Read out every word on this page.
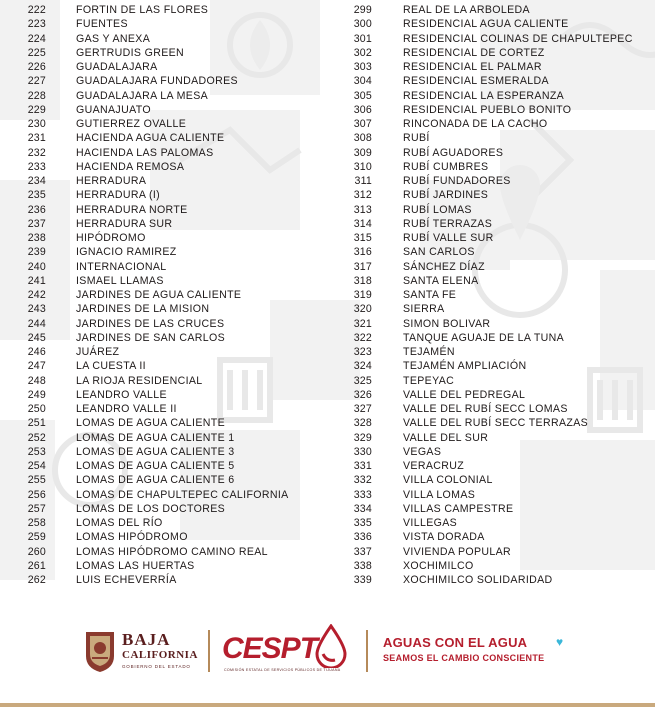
222	FORTIN DE LAS FLORES
223	FUENTES
224	GAS Y ANEXA
225	GERTRUDIS GREEN
226	GUADALAJARA
227	GUADALAJARA FUNDADORES
228	GUADALAJARA LA MESA
229	GUANAJUATO
230	GUTIERREZ OVALLE
231	HACIENDA AGUA CALIENTE
232	HACIENDA LAS PALOMAS
233	HACIENDA REMOSA
234	HERRADURA
235	HERRADURA (I)
236	HERRADURA NORTE
237	HERRADURA SUR
238	HIPÓDROMO
239	IGNACIO RAMIREZ
240	INTERNACIONAL
241	ISMAEL LLAMAS
242	JARDINES DE AGUA CALIENTE
243	JARDINES DE LA MISION
244	JARDINES DE LAS CRUCES
245	JARDINES DE SAN CARLOS
246	JUÁREZ
247	LA CUESTA II
248	LA RIOJA RESIDENCIAL
249	LEANDRO VALLE
250	LEANDRO VALLE II
251	LOMAS DE AGUA CALIENTE
252	LOMAS DE AGUA CALIENTE 1
253	LOMAS DE AGUA CALIENTE 3
254	LOMAS DE AGUA CALIENTE 5
255	LOMAS DE AGUA CALIENTE 6
256	LOMAS DE CHAPULTEPEC CALIFORNIA
257	LOMAS DE LOS DOCTORES
258	LOMAS DEL RÍO
259	LOMAS HIPÓDROMO
260	LOMAS HIPÓDROMO CAMINO REAL
261	LOMAS LAS HUERTAS
262	LUIS ECHEVERRÍA
299	REAL DE LA ARBOLEDA
300	RESIDENCIAL AGUA CALIENTE
301	RESIDENCIAL COLINAS DE CHAPULTEPEC
302	RESIDENCIAL DE CORTEZ
303	RESIDENCIAL EL PALMAR
304	RESIDENCIAL ESMERALDA
305	RESIDENCIAL LA ESPERANZA
306	RESIDENCIAL PUEBLO BONITO
307	RINCONADA DE LA CACHO
308	RUBÍ
309	RUBÍ AGUADORES
310	RUBÍ CUMBRES
311	RUBÍ FUNDADORES
312	RUBÍ JARDINES
313	RUBÍ LOMAS
314	RUBÍ TERRAZAS
315	RUBÍ VALLE SUR
316	SAN CARLOS
317	SÁNCHEZ DÍAZ
318	SANTA ELENA
319	SANTA FE
320	SIERRA
321	SIMON BOLIVAR
322	TANQUE AGUAJE DE LA TUNA
323	TEJAMÉN
324	TEJAMÉN AMPLIACIÓN
325	TEPEYAC
326	VALLE DEL PEDREGAL
327	VALLE DEL RUBÍ SECC LOMAS
328	VALLE DEL RUBÍ SECC TERRAZAS
329	VALLE DEL SUR
330	VEGAS
331	VERACRUZ
332	VILLA COLONIAL
333	VILLA LOMAS
334	VILLAS CAMPESTRE
335	VILLEGAS
336	VISTA DORADA
337	VIVIENDA POPULAR
338	XOCHIMILCO
339	XOCHIMILCO SOLIDARIDAD
BAJA
CALIFORNIA
GOBIERNO DEL ESTADO
CESPT
COMISIÓN ESTATAL DE SERVICIOS PÚBLICOS DE TIJUANA
AGUAS CON EL AGUA ♥
SEAMOS EL CAMBIO CONSCIENTE
